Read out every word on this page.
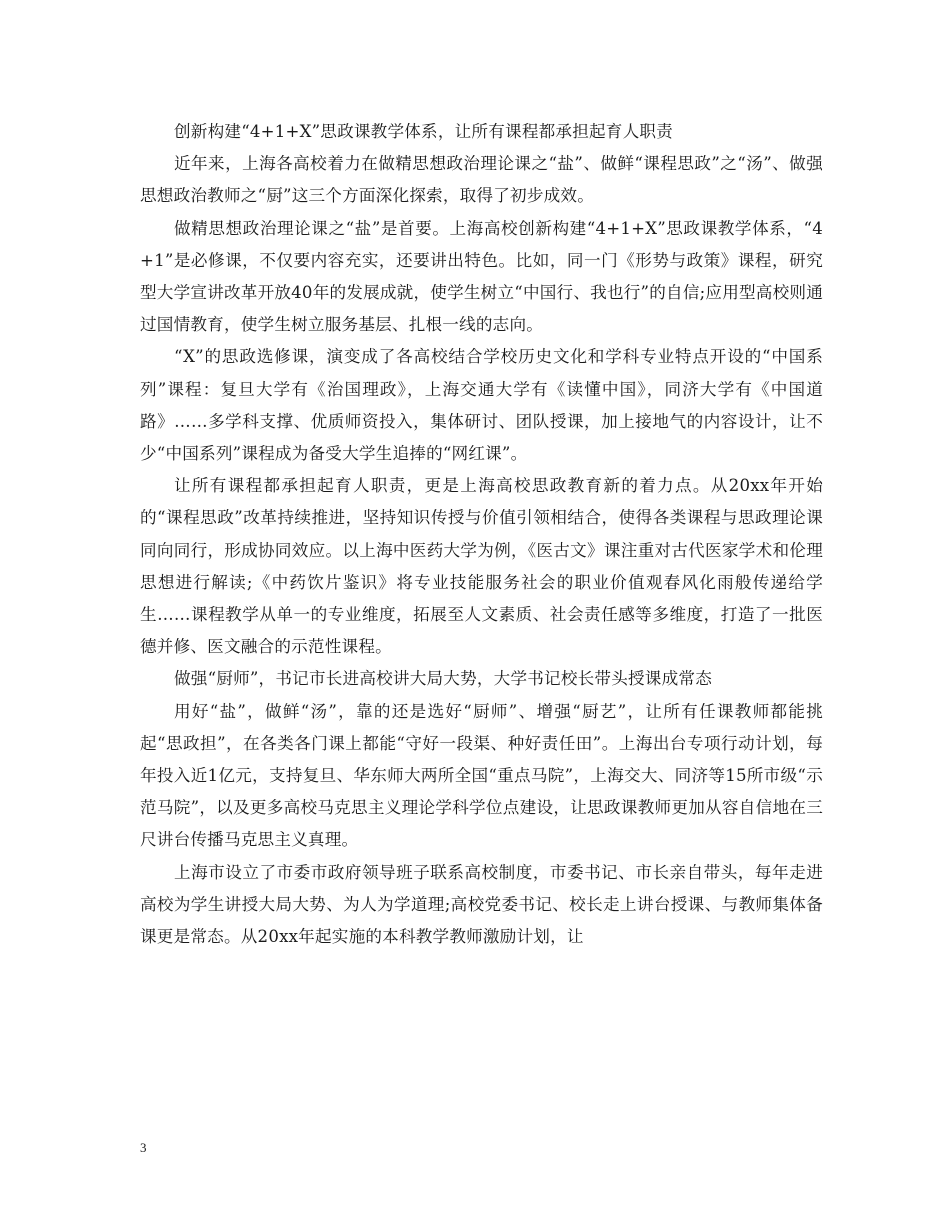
创新构建“4+1+X”思政课教学体系，让所有课程都承担起育人职责

近年来，上海各高校着力在做精思想政治理论课之“盐”、做鲜“课程思政”之“汤”、做强思想政治教师之“厨”这三个方面深化探索，取得了初步成效。

做精思想政治理论课之“盐”是首要。上海高校创新构建“4+1+X”思政课教学体系，“4+1”是必修课，不仅要内容充实，还要讲出特色。比如，同一门《形势与政策》课程，研究型大学宣讲改革开放40年的发展成就，使学生树立“中国行、我也行”的自信;应用型高校则通过国情教育，使学生树立服务基层、扎根一线的志向。

“X”的思政选修课，演变成了各高校结合学校历史文化和学科专业特点开设的“中国系列”课程：复旦大学有《治国理政》，上海交通大学有《读懂中国》，同济大学有《中国道路》……多学科支撑、优质师资投入，集体研讨、团队授课，加上接地气的内容设计，让不少“中国系列”课程成为备受大学生追捧的“网红课”。

让所有课程都承担起育人职责，更是上海高校思政教育新的着力点。从20xx年开始的“课程思政”改革持续推进，坚持知识传授与价值引领相结合，使得各类课程与思政理论课同向同行，形成协同效应。以上海中医药大学为例，《医古文》课注重对古代医家学术和伦理思想进行解读;《中药饮片鉴识》将专业技能服务社会的职业价值观春风化雨般传递给学生……课程教学从单一的专业维度，拓展至人文素质、社会责任感等多维度，打造了一批医德并修、医文融合的示范性课程。

做强“厨师”，书记市长进高校讲大局大势，大学书记校长带头授课成常态

用好“盐”，做鲜“汤”，靠的还是选好“厨师”、增强“厨艺”，让所有任课教师都能挑起“思政担”，在各类各门课上都能“守好一段渠、种好责任田”。上海出台专项行动计划，每年投入近1亿元，支持复旦、华东师大两所全国“重点马院”，上海交大、同济等15所市级“示范马院”，以及更多高校马克思主义理论学科学位点建设，让思政课教师更加从容自信地在三尺讲台传播马克思主义真理。

上海市设立了市委市政府领导班子联系高校制度，市委书记、市长亲自带头，每年走进高校为学生讲授大局大势、为人为学道理;高校党委书记、校长走上讲台授课、与教师集体备课更是常态。从20xx年起实施的本科教学教师激励计划，让

3
